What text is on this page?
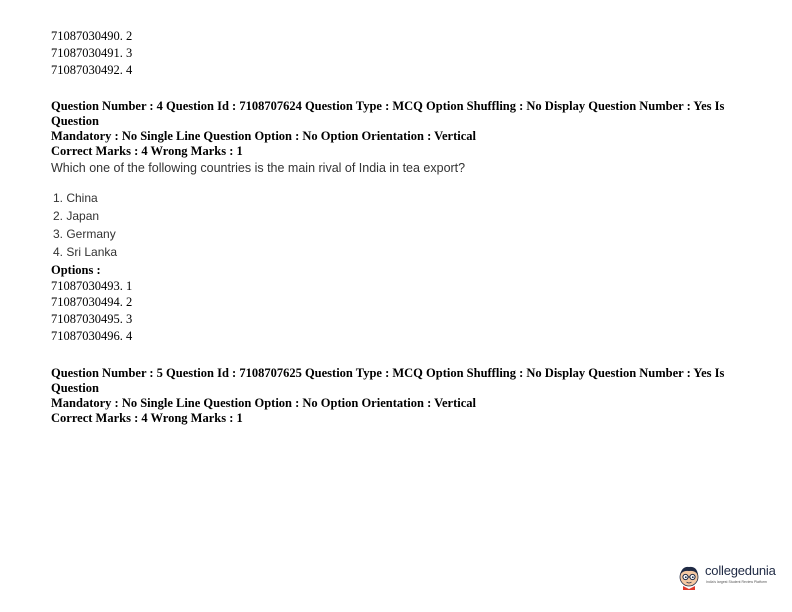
71087030490. 2
71087030491. 3
71087030492. 4
Question Number : 4 Question Id : 7108707624 Question Type : MCQ Option Shuffling : No Display Question Number : Yes Is Question
Mandatory : No Single Line Question Option : No Option Orientation : Vertical
Correct Marks : 4 Wrong Marks : 1
Which one of the following countries is the main rival of India in tea export?
1. China
2. Japan
3. Germany
4. Sri Lanka
Options :
71087030493. 1
71087030494. 2
71087030495. 3
71087030496. 4
Question Number : 5 Question Id : 7108707625 Question Type : MCQ Option Shuffling : No Display Question Number : Yes Is Question
Mandatory : No Single Line Question Option : No Option Orientation : Vertical
Correct Marks : 4 Wrong Marks : 1
collegedunia
India's largest Student Review Platform
